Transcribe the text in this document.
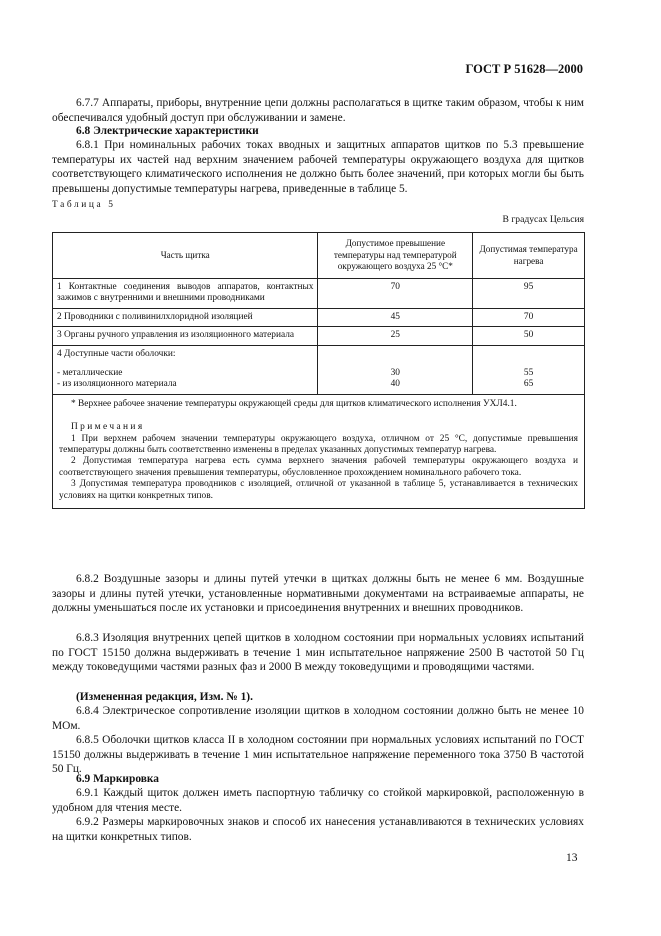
ГОСТ Р 51628—2000
6.7.7 Аппараты, приборы, внутренние цепи должны располагаться в щитке таким образом, чтобы к ним обеспечивался удобный доступ при обслуживании и замене.
6.8 Электрические характеристики
6.8.1 При номинальных рабочих токах вводных и защитных аппаратов щитков по 5.3 превышение температуры их частей над верхним значением рабочей температуры окружающего воздуха для щитков соответствующего климатического исполнения не должно быть более значений, при которых могли бы быть превышены допустимые температуры нагрева, приведенные в таблице 5.
Таблица 5
В градусах Цельсия
Часть щитка	Допустимое превышение температуры над температурой окружающего воздуха 25 °С*	Допустимая температура нагрева
1 Контактные соединения выводов аппаратов, контактных зажимов с внутренними и внешними проводниками	70	95
2 Проводники с поливинилхлоридной изоляцией	45	70
3 Органы ручного управления из изоляционного материала	25	50
4 Доступные части оболочки:		
- металлические	30	55
- из изоляционного материала	40	65

* Верхнее рабочее значение температуры окружающей среды для щитков климатического исполнения УХЛ4.1.
Примечания
1 При верхнем рабочем значении температуры окружающего воздуха, отличном от 25 °С, допустимые превышения температуры должны быть соответственно изменены в пределах указанных допустимых температур нагрева.
2 Допустимая температура нагрева есть сумма верхнего значения рабочей температуры окружающего воздуха и соответствующего значения превышения температуры, обусловленное прохождением номинального рабочего тока.
3 Допустимая температура проводников с изоляцией, отличной от указанной в таблице 5, устанавливается в технических условиях на щитки конкретных типов.		
6.8.2 Воздушные зазоры и длины путей утечки в щитках должны быть не менее 6 мм. Воздушные зазоры и длины путей утечки, установленные нормативными документами на встраиваемые аппараты, не должны уменьшаться после их установки и присоединения внутренних и внешних проводников.
6.8.3 Изоляция внутренних цепей щитков в холодном состоянии при нормальных условиях испытаний по ГОСТ 15150 должна выдерживать в течение 1 мин испытательное напряжение 2500 В частотой 50 Гц между токоведущими частями разных фаз и 2000 В между токоведущими и проводящими частями.
(Измененная редакция, Изм. № 1).
6.8.4 Электрическое сопротивление изоляции щитков в холодном состоянии должно быть не менее 10 МОм.
6.8.5 Оболочки щитков класса II в холодном состоянии при нормальных условиях испытаний по ГОСТ 15150 должны выдерживать в течение 1 мин испытательное напряжение переменного тока 3750 В частотой 50 Гц.
6.9 Маркировка
6.9.1 Каждый щиток должен иметь паспортную табличку со стойкой маркировкой, расположенную в удобном для чтения месте.
6.9.2 Размеры маркировочных знаков и способ их нанесения устанавливаются в технических условиях на щитки конкретных типов.
13
